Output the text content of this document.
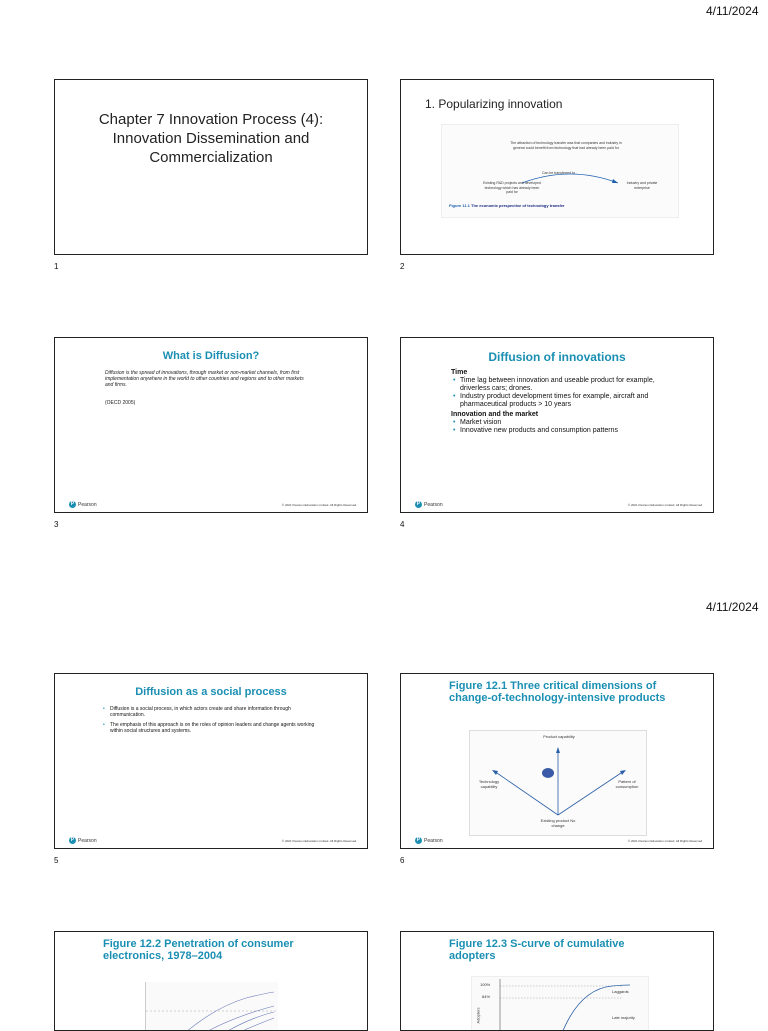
4/11/2024
4/11/2024
Chapter 7 Innovation Process (4): Innovation Dissemination and Commercialization
1
1. Popularizing innovation
The attraction of technology transfer was that companies and industry in general could benefit from technology that had already been paid for
Can be transferred to
Existing R&D projects and developed technology which has already been paid for
Industry and private enterprise
Figure 11.1 The economic perspective of technology transfer
2
What is Diffusion?
Diffusion is the spread of innovations, through market or non-market channels, from first implementation anywhere in the world to other countries and regions and to other markets and firms.
(OECD 2005)
P Pearson	© 2021 Pearson Education Limited. All Rights Reserved.
3
Diffusion of innovations

Time

• Time lag between innovation and useable product for example, driverless cars; drones.
• Industry product development times for example, aircraft and pharmaceutical products > 10 years

Innovation and the market

• Market vision
• Innovative new products and consumption patterns
P Pearson	© 2021 Pearson Education Limited. All Rights Reserved.
4
Diffusion as a social process
• Diffusion is a social process, in which actors create and share information through communication.
• The emphasis of this approach is on the roles of opinion leaders and change agents working within social structures and systems.
P Pearson	© 2021 Pearson Education Limited. All Rights Reserved.
5
Figure 12.1 Three critical dimensions of change-of-technology-intensive products
Product capability
Technology capability
Pattern of consumption
Existing product No change
P Pearson	© 2021 Pearson Education Limited. All Rights Reserved.
6
Figure 12.2 Penetration of consumer electronics, 1978–2004
Figure 12.3 S-curve of cumulative adopters
100%
84%
Laggards
Late majority
Adopters
